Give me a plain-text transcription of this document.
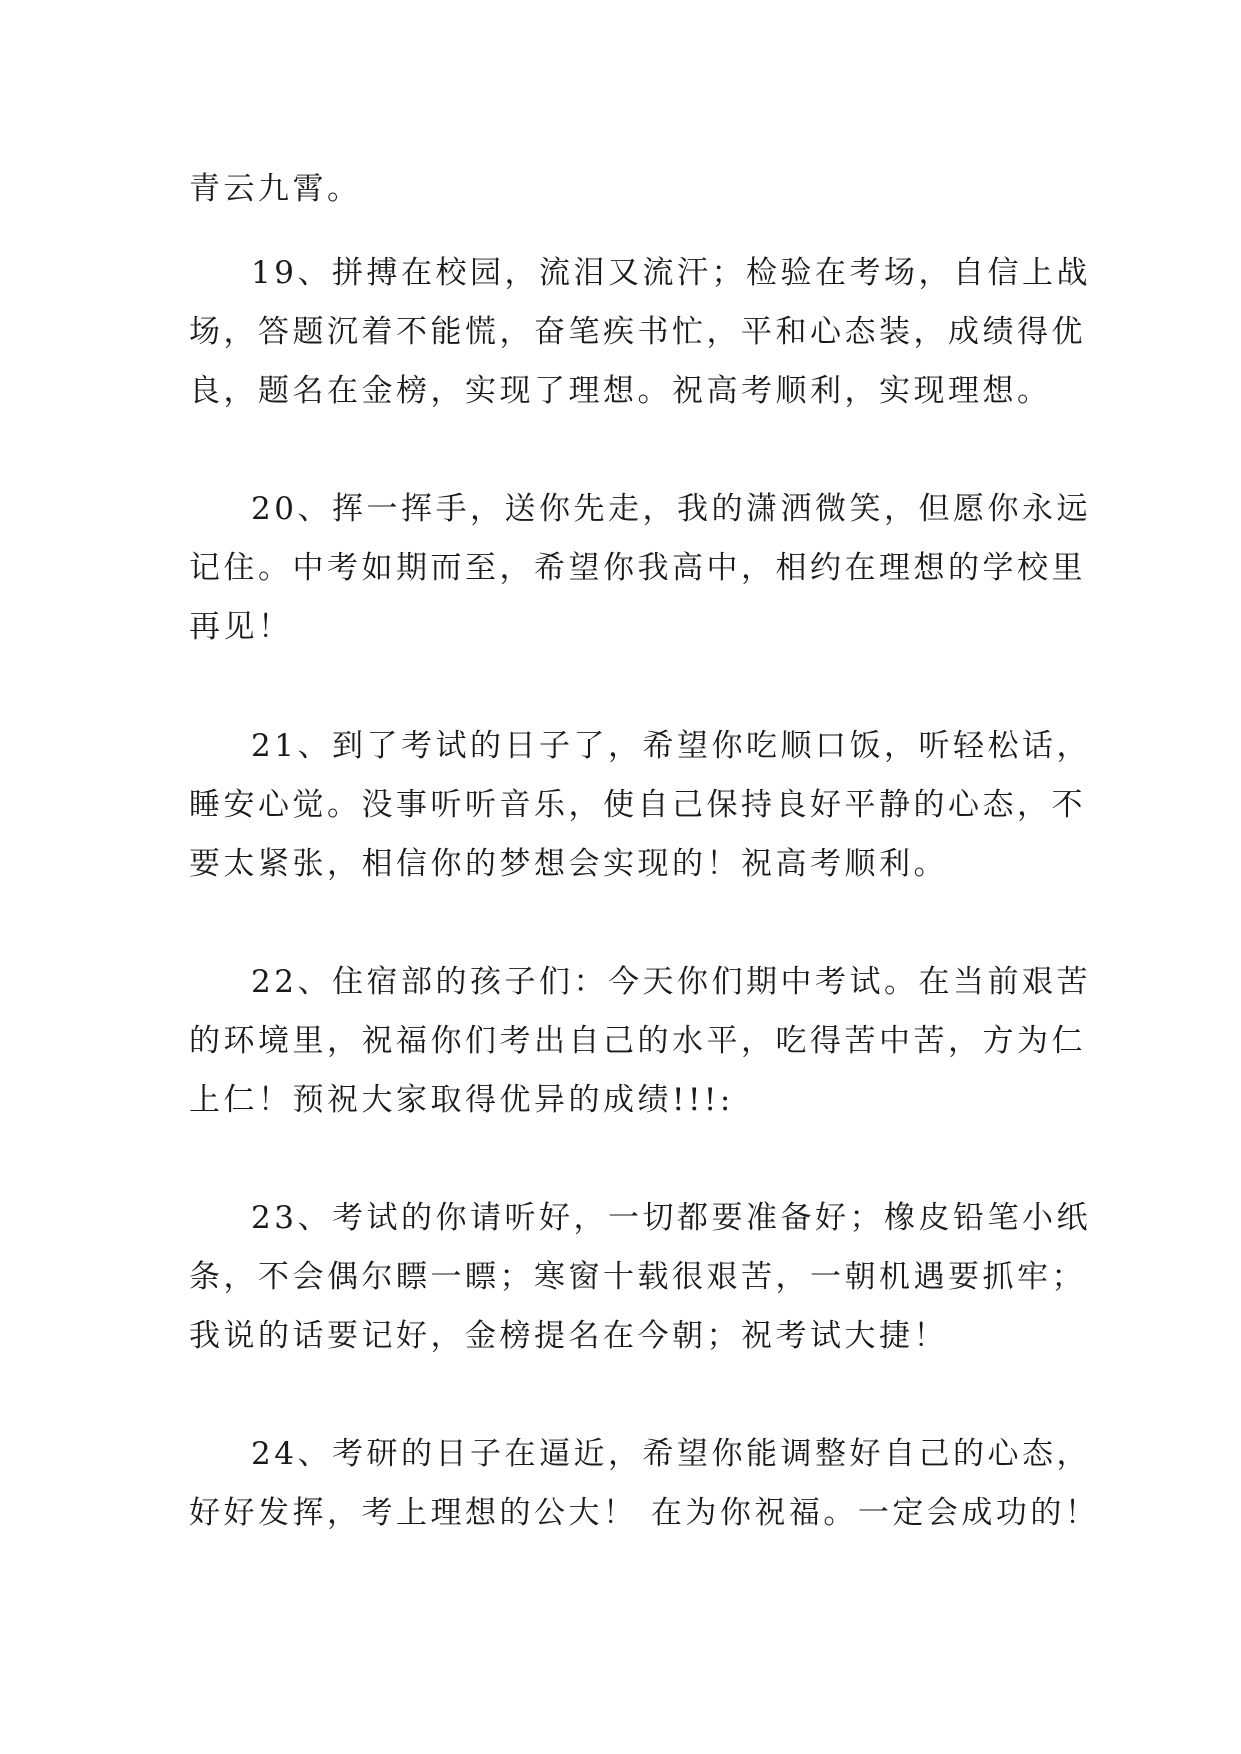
青云九霄。
19、拼搏在校园，流泪又流汗；检验在考场，自信上战
场，答题沉着不能慌，奋笔疾书忙，平和心态装，成绩得优
良，题名在金榜，实现了理想。祝高考顺利，实现理想。
20、挥一挥手，送你先走，我的潇洒微笑，但愿你永远
记住。中考如期而至，希望你我高中，相约在理想的学校里
再见！
21、到了考试的日子了，希望你吃顺口饭，听轻松话，
睡安心觉。没事听听音乐，使自己保持良好平静的心态，不
要太紧张，相信你的梦想会实现的！祝高考顺利。
22、住宿部的孩子们：今天你们期中考试。在当前艰苦
的环境里，祝福你们考出自己的水平，吃得苦中苦，方为仁
上仁！预祝大家取得优异的成绩!!!:
23、考试的你请听好，一切都要准备好；橡皮铅笔小纸
条，不会偶尔瞟一瞟；寒窗十载很艰苦，一朝机遇要抓牢；
我说的话要记好，金榜提名在今朝；祝考试大捷！
24、考研的日子在逼近，希望你能调整好自己的心态，
好好发挥，考上理想的公大！ 在为你祝福。一定会成功的！
